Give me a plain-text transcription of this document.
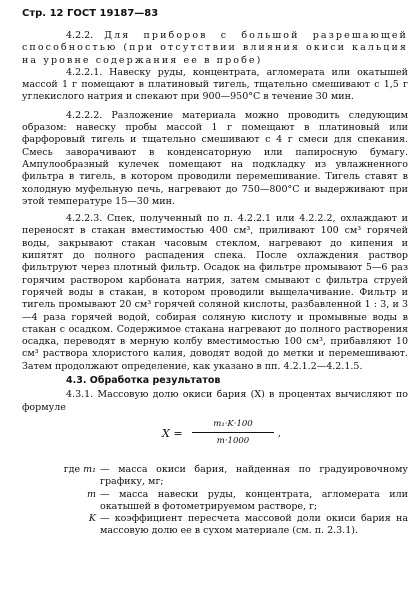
Стр. 12 ГОСТ 19187—83

4.2.2. Для приборов с большой разрешающей способностью (при отсутствии влияния окиси кальция на уровне содержания ее в пробе)

4.2.2.1. Навеску руды, концентрата, агломерата или окатышей массой 1 г помещают в платиновый тигель, тщательно смешивают с 1,5 г углекислого натрия и спекают при 900—950°C в течение 30 мин.

4.2.2.2. Разложение материала можно проводить следующим образом: навеску пробы массой 1 г помещают в платиновый или фарфоровый тигель и тщательно смешивают с 4 г смеси для спекания. Смесь заворачивают в конденсаторную или папиросную бумагу. Ампулообразный кулечек помещают на подкладку из увлажненного фильтра в тигель, в котором проводили перемешивание. Тигель ставят в холодную муфельную печь, нагревают до 750—800°C и выдерживают при этой температуре 15—30 мин.

4.2.2.3. Спек, полученный по п. 4.2.2.1 или 4.2.2.2, охлаждают и переносят в стакан вместимостью 400 см³, приливают 100 см³ горячей воды, закрывают стакан часовым стеклом, нагревают до кипения и кипятят до полного распадения спека. После охлаждения раствор фильтруют через плотный фильтр. Осадок на фильтре промывают 5—6 раз горячим раствором карбоната натрия, затем смывают с фильтра струей горячей воды в стакан, в котором проводили выщелачивание. Фильтр и тигель промывают 20 см³ горячей соляной кислоты, разбавленной 1 : 3, и 3—4 раза горячей водой, собирая соляную кислоту и промывные воды в стакан с осадком. Содержимое стакана нагревают до полного растворения осадка, переводят в мерную колбу вместимостью 100 см³, прибавляют 10 см³ раствора хлористого калия, доводят водой до метки и перемешивают. Затем продолжают определение, как указано в пп. 4.2.1.2—4.2.1.5.

4.3. Обработка результатов

4.3.1. Массовую долю окиси бария (X) в процентах вычисляют по формуле

X =
m₁·K·100
m·1000
,
где m₁ — масса окиси бария, найденная по градуировочному графику, мг;
m — масса навески руды, концентрата, агломерата или окатышей в фотометрируемом растворе, г;
K — коэффициент пересчета массовой доли окиси бария на массовую долю ее в сухом материале (см. п. 2.3.1).
